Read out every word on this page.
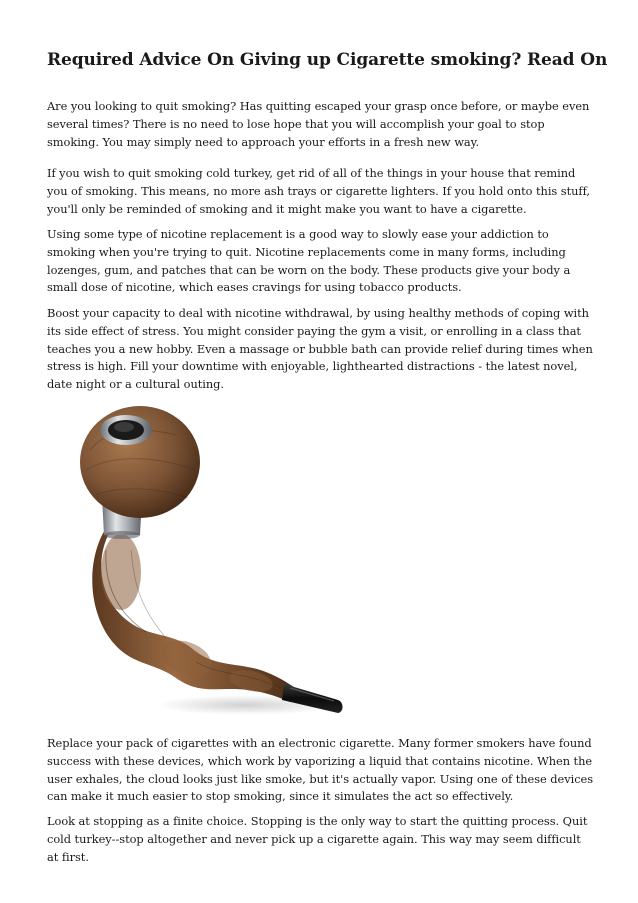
Required Advice On Giving up Cigarette smoking? Read On

Are you looking to quit smoking? Has quitting escaped your grasp once before, or maybe even several times? There is no need to lose hope that you will accomplish your goal to stop smoking. You may simply need to approach your efforts in a fresh new way.

If you wish to quit smoking cold turkey, get rid of all of the things in your house that remind you of smoking. This means, no more ash trays or cigarette lighters. If you hold onto this stuff, you'll only be reminded of smoking and it might make you want to have a cigarette.

Using some type of nicotine replacement is a good way to slowly ease your addiction to smoking when you're trying to quit. Nicotine replacements come in many forms, including lozenges, gum, and patches that can be worn on the body. These products give your body a small dose of nicotine, which eases cravings for using tobacco products.

Boost your capacity to deal with nicotine withdrawal, by using healthy methods of coping with its side effect of stress. You might consider paying the gym a visit, or enrolling in a class that teaches you a new hobby. Even a massage or bubble bath can provide relief during times when stress is high. Fill your downtime with enjoyable, lighthearted distractions - the latest novel, date night or a cultural outing.

Replace your pack of cigarettes with an electronic cigarette. Many former smokers have found success with these devices, which work by vaporizing a liquid that contains nicotine. When the user exhales, the cloud looks just like smoke, but it's actually vapor. Using one of these devices can make it much easier to stop smoking, since it simulates the act so effectively.

Look at stopping as a finite choice. Stopping is the only way to start the quitting process. Quit cold turkey--stop altogether and never pick up a cigarette again. This way may seem difficult at first.
